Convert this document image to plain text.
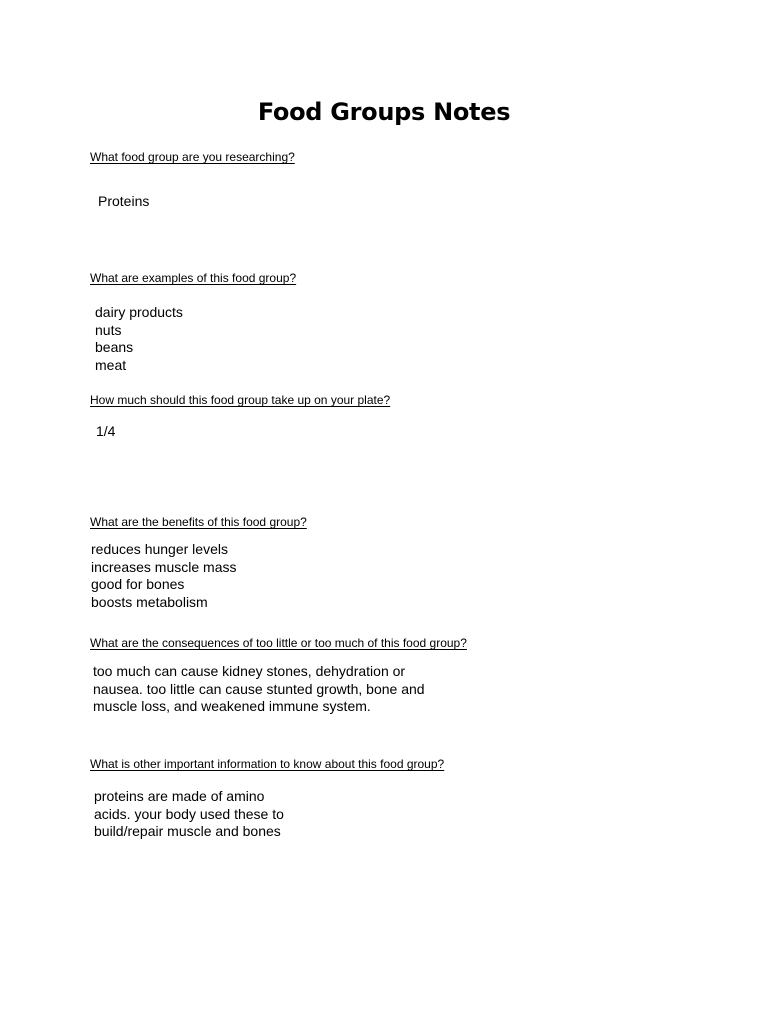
Food Groups Notes
What food group are you researching?
Proteins
What are examples of this food group?
dairy products
nuts
beans
meat
How much should this food group take up on your plate?
1/4
What are the benefits of this food group?
reduces hunger levels
increases muscle mass
good for bones
boosts metabolism
What are the consequences of too little or too much of this food group?
too much can cause kidney stones, dehydration or
nausea. too little can cause stunted growth, bone and
muscle loss, and weakened immune system.
What is other important information to know about this food group?
proteins are made of amino
acids. your body used these to
build/repair muscle and bones
